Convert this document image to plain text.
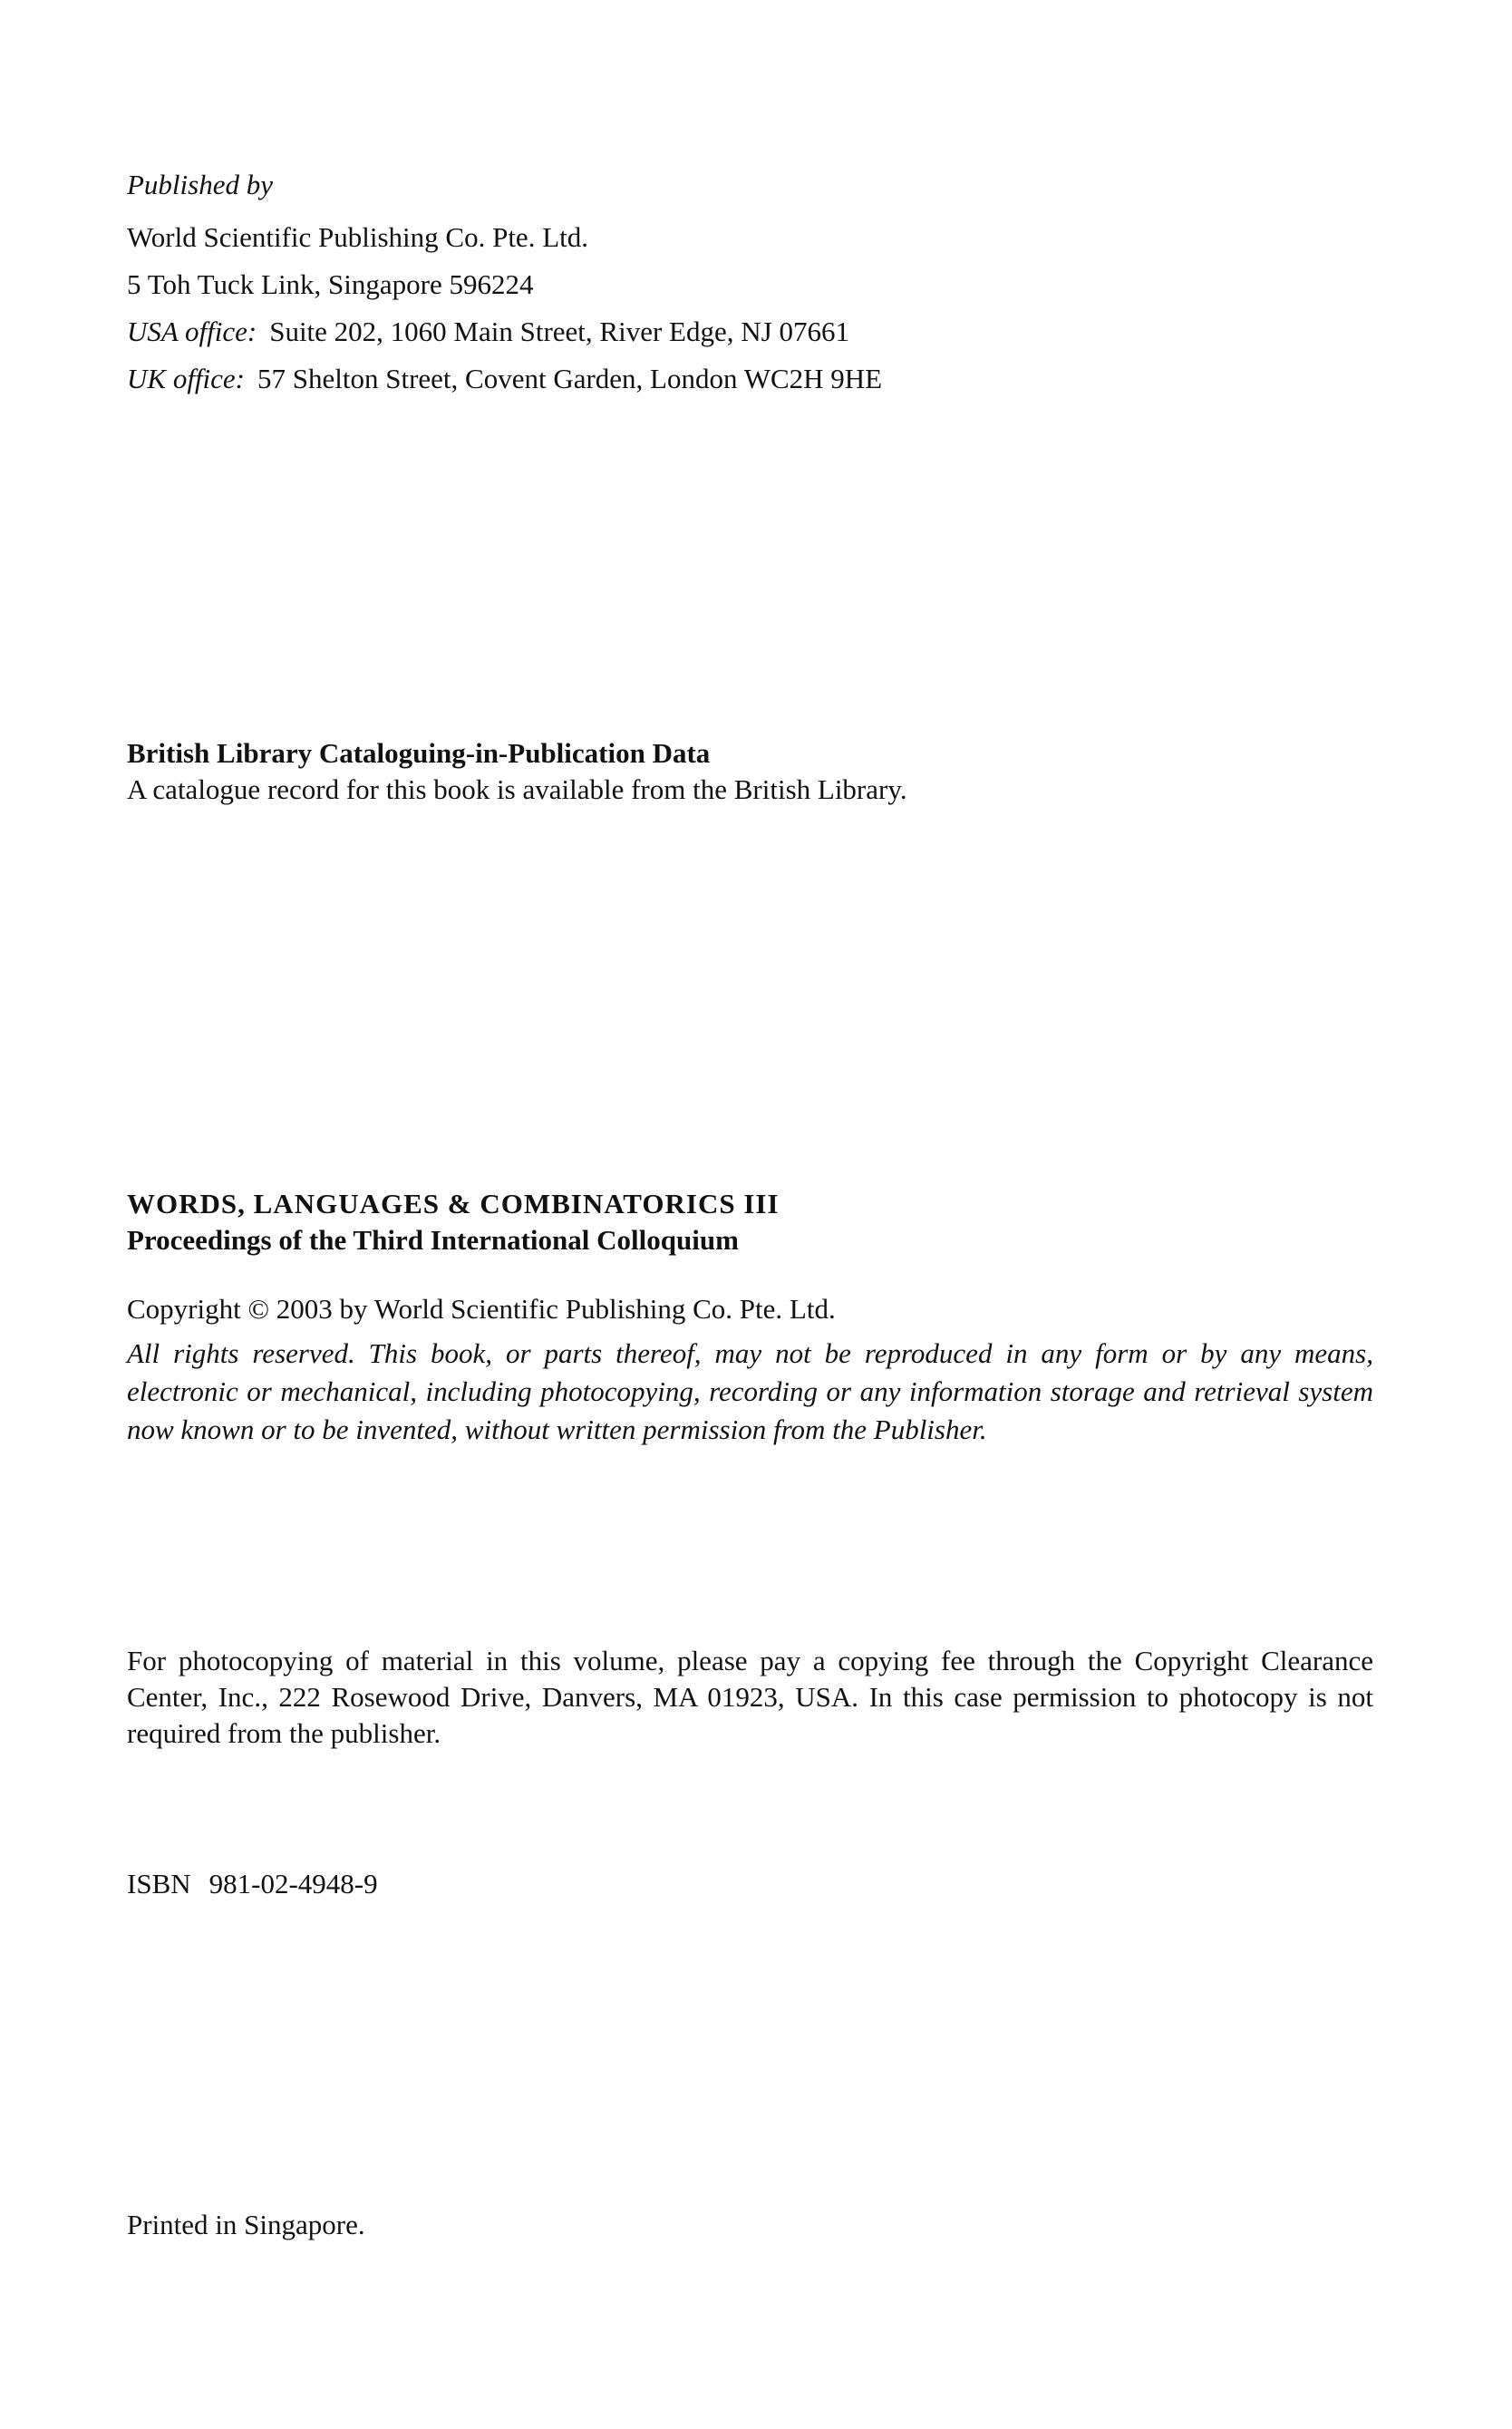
Published by
World Scientific Publishing Co. Pte. Ltd.
5 Toh Tuck Link, Singapore 596224
USA office: Suite 202, 1060 Main Street, River Edge, NJ 07661
UK office: 57 Shelton Street, Covent Garden, London WC2H 9HE
British Library Cataloguing-in-Publication Data
A catalogue record for this book is available from the British Library.
WORDS, LANGUAGES & COMBINATORICS III
Proceedings of the Third International Colloquium
Copyright © 2003 by World Scientific Publishing Co. Pte. Ltd.
All rights reserved. This book, or parts thereof, may not be reproduced in any form or by any means, electronic or mechanical, including photocopying, recording or any information storage and retrieval system now known or to be invented, without written permission from the Publisher.
For photocopying of material in this volume, please pay a copying fee through the Copyright Clearance Center, Inc., 222 Rosewood Drive, Danvers, MA 01923, USA. In this case permission to photocopy is not required from the publisher.
ISBN 981-02-4948-9
Printed in Singapore.
